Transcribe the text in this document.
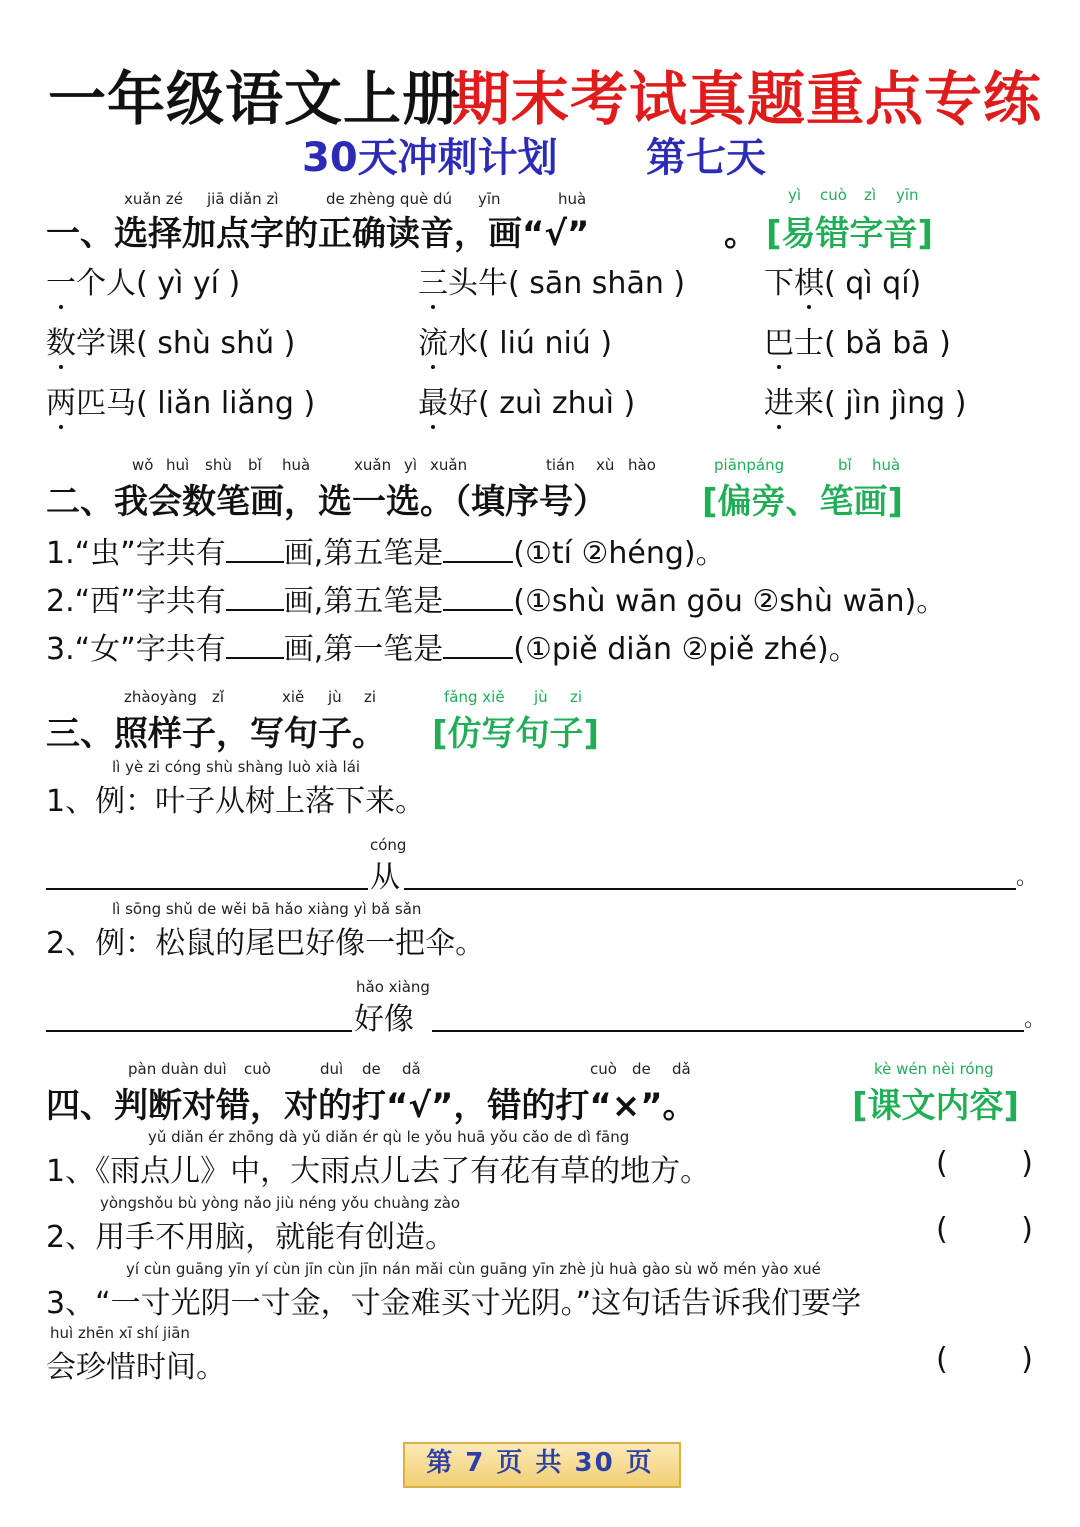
一年级语文上册
期末考试真题重点专练
30天冲刺计划 第七天
xuǎn zé jiā diǎn zì	de zhèng què dú yīn	huà	yì cuò zì yīn
一、选择加点字的正确读音，画“√”	。 [易错字音]
一个人( yì yí )	三头牛( sān shān )	下棋( qì qí)
数学课( shù shǔ )	流水( liú niú )	巴士( bǎ bā )
两匹马( liǎn liǎng )	最好( zuì zhuì )	进来( jìn jìng )
wǒ huì shù bǐ huà	xuǎn yì xuǎn	tián xù hào	piānpáng	bǐ huà
二、我会数笔画，选一选。（填序号）	[偏旁、笔画]
1.“虫”字共有 画,第五笔是 (①tí ②héng)。
2.“西”字共有 画,第五笔是 (①shù wān gōu ②shù wān)。
3.“女”字共有 画,第一笔是 (①piě diǎn ②piě zhé)。
zhàoyàng zǐ	xiě jù zi	fǎng xiě jù zi
三、照样子，写句子。 [仿写句子]
lì yè zi cóng shù shàng luò xià lái
1、例：叶子从树上落下来。
cóng
从	。
lì sōng shǔ de wěi bā hǎo xiàng yì bǎ sǎn
2、例：松鼠的尾巴好像一把伞。
hǎo xiàng
好像	。
pàn duàn duì cuò	duì de dǎ	cuò de dǎ	kè wén nèi róng
四、判断对错，对的打“√”，错的打“×”。	[课文内容]
yǔ diǎn ér zhōng dà yǔ diǎn ér qù le yǒu huā yǒu cǎo de dì fāng
1、《雨点儿》中，大雨点儿去了有花有草的地方。	( )
yòngshǒu bù yòng nǎo jiù néng yǒu chuàng zào
2、用手不用脑，就能有创造。	( )
yí cùn guāng yīn yí cùn jīn cùn jīn nán mǎi cùn guāng yīn zhè jù huà gào sù wǒ mén yào xué
3、“一寸光阴一寸金，寸金难买寸光阴。”这句话告诉我们要学
huì zhēn xī shí jiān
会珍惜时间。	( )
第 7 页 共 30 页
